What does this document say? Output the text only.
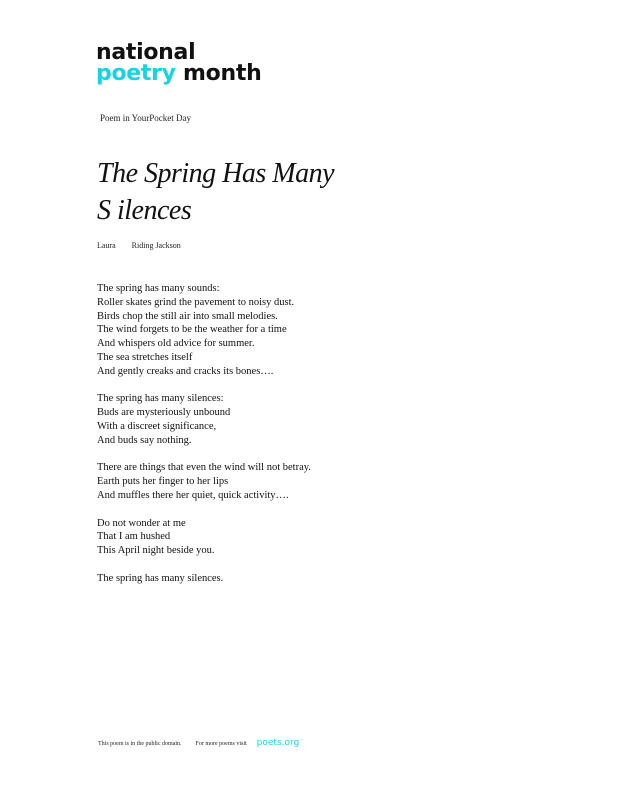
national
poetry month
Poem in YourPocket Day
The Spring Has Many
S ilences
Laura Riding Jackson
The spring has many sounds:
Roller skates grind the pavement to noisy dust.
Birds chop the still air into small melodies.
The wind forgets to be the weather for a time
And whispers old advice for summer.
The sea stretches itself
And gently creaks and cracks its bones….
The spring has many silences:
Buds are mysteriously unbound
With a discreet significance,
And buds say nothing.
There are things that even the wind will not betray.
Earth puts her finger to her lips
And muffles there her quiet, quick activity….
Do not wonder at me
That I am hushed
This April night beside you.
The spring has many silences.
This poem is in the public domain. For more poems visit poets.org
